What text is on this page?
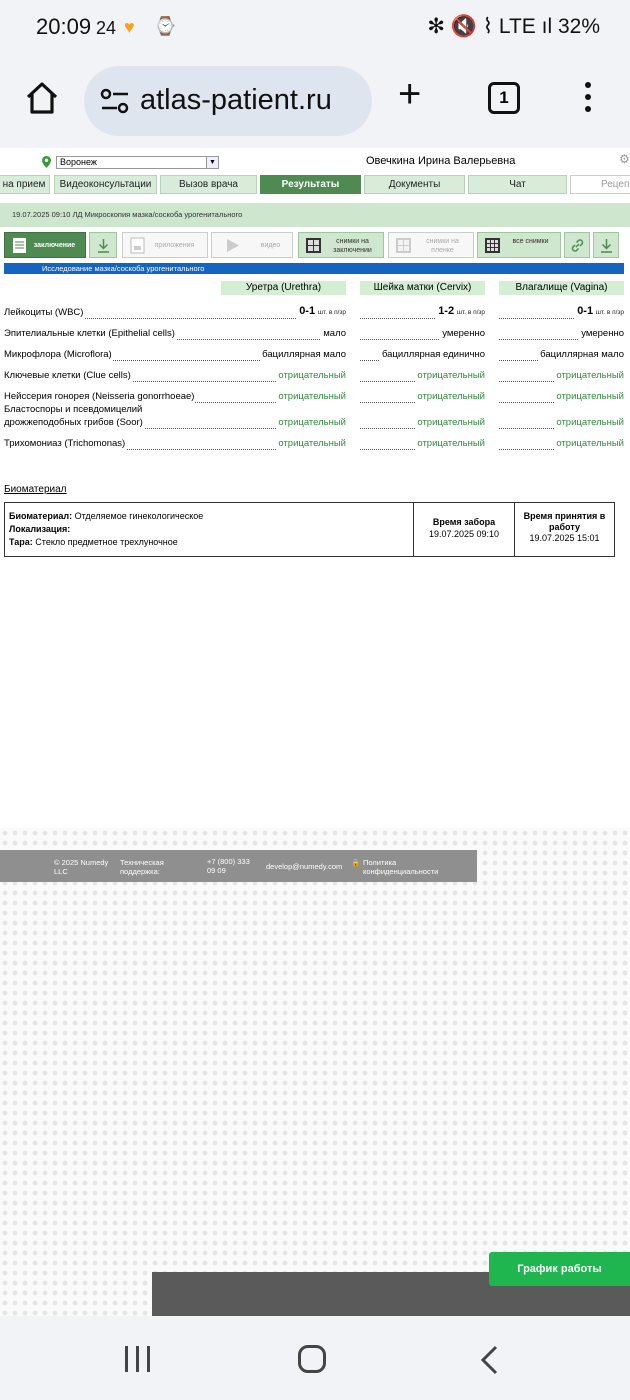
20:09 24 ♥ ⌚	✻ 🔇 ⌇ LTE ıl 32%
atlas-patient.ru +	1
Воронеж	▼	Овечкина Ирина Валерьевна	⚙
на прием	Видеоконсультации	Вызов врача	Результаты	Документы	Чат	Рецеп
19.07.2025 09:10 ЛД Микроскопия мазка/соскоба урогенитального
заключение	приложения	видео
снимки на заключении
снимки на пленке
все снимки
Исследование мазка/соскоба урогенитального
Уретра (Urethra)	Шейка матки (Cervix)	Влагалище (Vagina)
Лейкоциты (WBC)	0-1 шт. в п/зр	1-2 шт. в п/зр	0-1 шт. в п/зр
Эпителиальные клетки (Epithelial cells)	мало	умеренно	умеренно
Микрофлора (Microflora)	бациллярная мало	бациллярная единично	бациллярная мало
Ключевые клетки (Clue cells)	отрицательный	отрицательный	отрицательный
Нейссерия гонорея (Neisseria gonorrhoeae)	отрицательный	отрицательный	отрицательный
Бластоспоры и псевдомицелий
дрожжеподобных грибов (Soor)	отрицательный	отрицательный	отрицательный
Трихомониаз (Trichomonas)	отрицательный	отрицательный	отрицательный
Биоматериал
Биоматериал: Отделяемое гинекологическое
Локализация:
Тара: Стекло предметное трехлуночное
Время забора
19.07.2025 09:10
Время принятия в работу
19.07.2025 15:01
© 2025 Numedy LLC
Техническая поддержка:
+7 (800) 333 09 09	develop@numedy.com 🔒 Политика конфиденциальности
График работы
